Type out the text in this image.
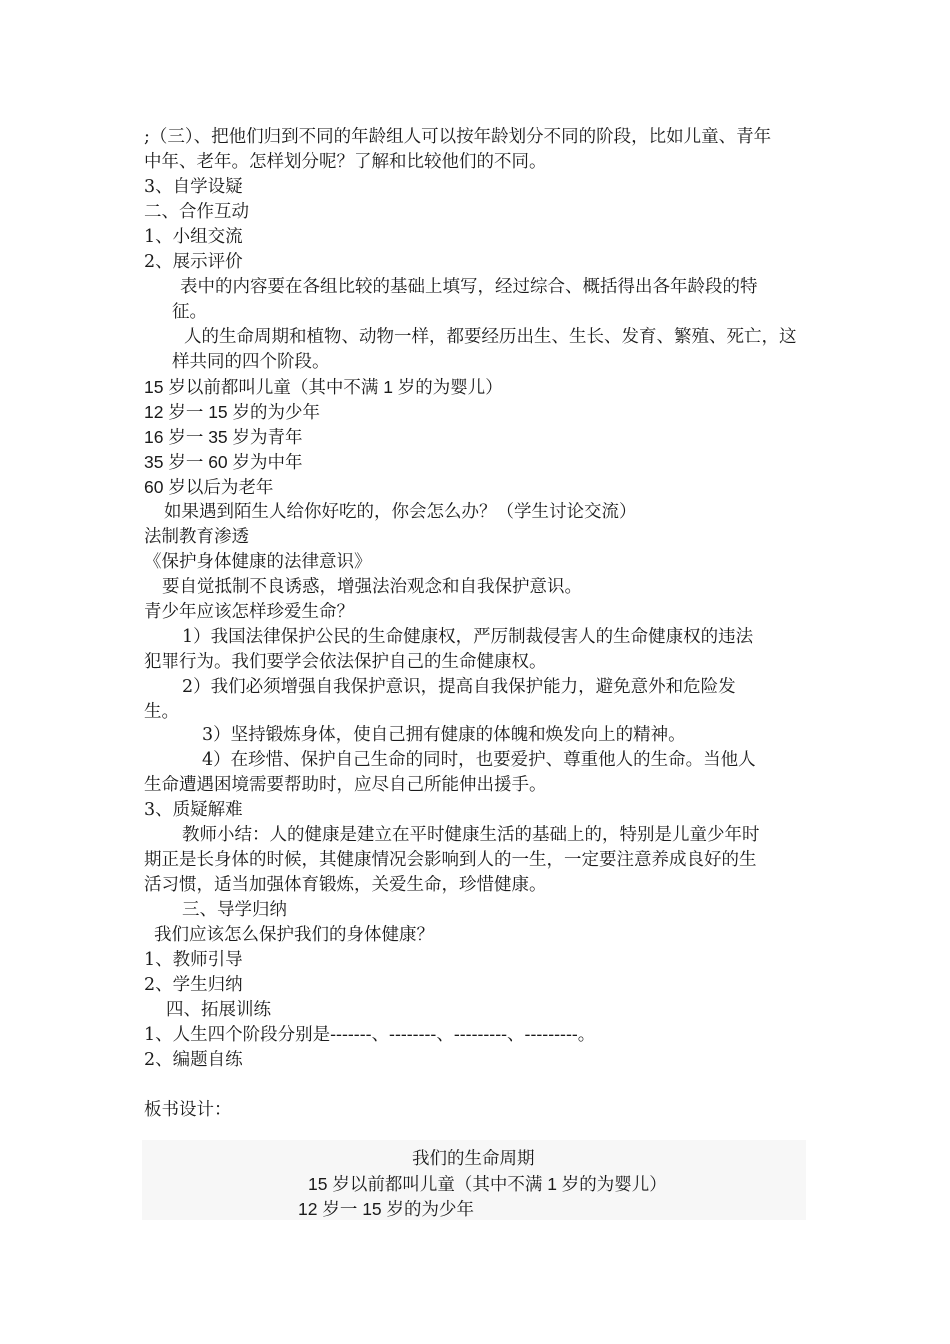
;（三）、把他们归到不同的年龄组人可以按年龄划分不同的阶段，比如儿童、青年
中年、老年。怎样划分呢？了解和比较他们的不同。
3、自学设疑
二、合作互动
1、小组交流
2、展示评价
表中的内容要在各组比较的基础上填写，经过综合、概括得出各年龄段的特
征。
人的生命周期和植物、动物一样，都要经历出生、生长、发育、繁殖、死亡，这
样共同的四个阶段。
15 岁以前都叫儿童（其中不满 1 岁的为婴儿）
12 岁一 15 岁的为少年
16 岁一 35 岁为青年
35 岁一 60 岁为中年
60 岁以后为老年
如果遇到陌生人给你好吃的，你会怎么办？（学生讨论交流）
法制教育渗透
《保护身体健康的法律意识》
要自觉抵制不良诱惑，增强法治观念和自我保护意识。
青少年应该怎样珍爱生命？
1）我国法律保护公民的生命健康权，严厉制裁侵害人的生命健康权的违法
犯罪行为。我们要学会依法保护自己的生命健康权。
2）我们必须增强自我保护意识，提高自我保护能力，避免意外和危险发
生。
3）坚持锻炼身体，使自己拥有健康的体魄和焕发向上的精神。
4）在珍惜、保护自己生命的同时，也要爱护、尊重他人的生命。当他人
生命遭遇困境需要帮助时，应尽自己所能伸出援手。
3、质疑解难
教师小结：人的健康是建立在平时健康生活的基础上的，特别是儿童少年时
期正是长身体的时候，其健康情况会影响到人的一生，一定要注意养成良好的生
活习惯，适当加强体育锻炼，关爱生命，珍惜健康。
三、导学归纳
我们应该怎么保护我们的身体健康？
1、教师引导
2、学生归纳
四、拓展训练
1、人生四个阶段分别是-------、--------、---------、---------。
2、编题自练
板书设计：
我们的生命周期
15 岁以前都叫儿童（其中不满 1 岁的为婴儿）
12 岁一 15 岁的为少年
